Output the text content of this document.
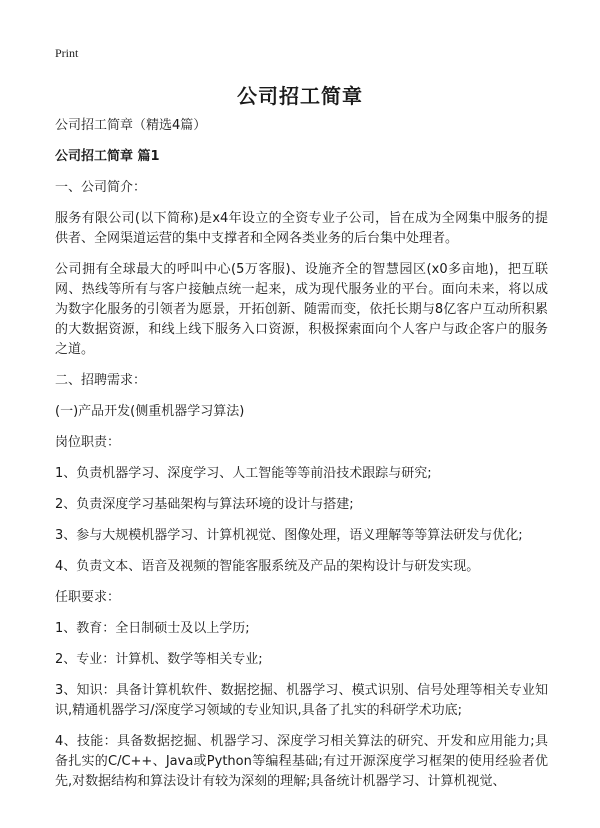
Print
公司招工简章

公司招工简章（精选4篇）

公司招工简章 篇1

一、公司简介：

服务有限公司(以下简称)是x4年设立的全资专业子公司，旨在成为全网集中服务的提供者、全网渠道运营的集中支撑者和全网各类业务的后台集中处理者。

公司拥有全球最大的呼叫中心(5万客服)、设施齐全的智慧园区(x0多亩地)，把互联网、热线等所有与客户接触点统一起来，成为现代服务业的平台。面向未来，将以成为数字化服务的引领者为愿景，开拓创新、随需而变，依托长期与8亿客户互动所积累的大数据资源，和线上线下服务入口资源，积极探索面向个人客户与政企客户的服务之道。

二、招聘需求：

(一)产品开发(侧重机器学习算法)

岗位职责：

1、负责机器学习、深度学习、人工智能等等前沿技术跟踪与研究;

2、负责深度学习基础架构与算法环境的设计与搭建;

3、参与大规模机器学习、计算机视觉、图像处理，语义理解等等算法研发与优化;

4、负责文本、语音及视频的智能客服系统及产品的架构设计与研发实现。

任职要求：

1、教育：全日制硕士及以上学历;

2、专业：计算机、数学等相关专业;

3、知识：具备计算机软件、数据挖掘、机器学习、模式识别、信号处理等相关专业知识,精通机器学习/深度学习领域的专业知识,具备了扎实的科研学术功底;

4、技能：具备数据挖掘、机器学习、深度学习相关算法的研究、开发和应用能力;具备扎实的C/C++、Java或Python等编程基础;有过开源深度学习框架的使用经验者优先,对数据结构和算法设计有较为深刻的理解;具备统计机器学习、计算机视觉、
